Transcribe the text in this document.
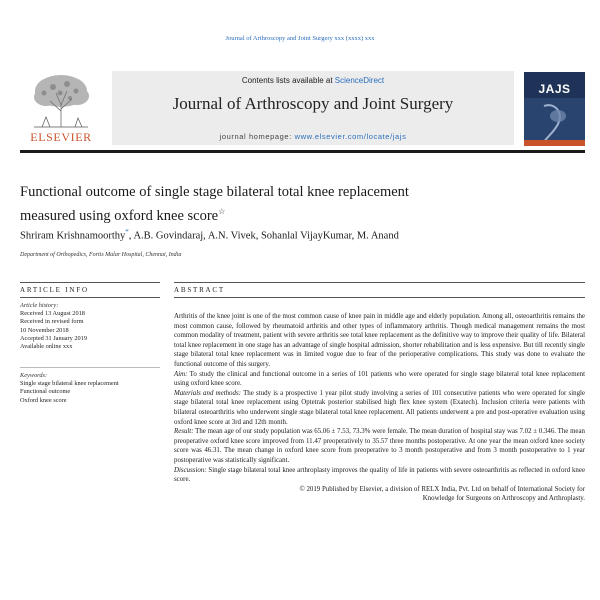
Journal of Arthroscopy and Joint Surgery xxx (xxxx) xxx
ELSEVIER
Contents lists available at ScienceDirect
Journal of Arthroscopy and Joint Surgery
journal homepage: www.elsevier.com/locate/jajs
JAJS
Functional outcome of single stage bilateral total knee replacement
measured using oxford knee score☆
Shriram Krishnamoorthy*, A.B. Govindaraj, A.N. Vivek, Sohanlal VijayKumar, M. Anand
Department of Orthopedics, Fortis Malar Hospital, Chennai, India
ARTICLE INFO
Article history:
Received 13 August 2018
Received in revised form
10 November 2018
Accepted 31 January 2019
Available online xxx
Keywords:
Single stage bilateral knee replacement
Functional outcome
Oxford knee score
ABSTRACT

Arthritis of the knee joint is one of the most common cause of knee pain in middle age and elderly population. Among all, osteoarthritis remains the most common cause, followed by rheumatoid arthritis and other types of inflammatory arthritis. Though medical management remains the most common modality of treatment, patient with severe arthritis see total knee replacement as the definitive way to improve their quality of life. Bilateral total knee replacement in one stage has an advantage of single hospital admission, shorter rehabilitation and is less expensive. But till recently single stage bilateral total knee replacement was in limited vogue due to fear of the perioperative complications. This study was done to evaluate the functional outcome of this surgery.

Aim: To study the clinical and functional outcome in a series of 101 patients who were operated for single stage bilateral total knee replacement using oxford knee score.

Materials and methods: The study is a prospective 1 year pilot study involving a series of 101 consecutive patients who were operated for single stage bilateral total knee replacement using Optetrak posterior stabilised high flex knee system (Exatech). Inclusion criteria were patients with bilateral osteoarthritis who underwent single stage bilateral total knee replacement. All patients underwent a pre and post-operative evaluation using oxford knee score at 3rd and 12th month.

Result: The mean age of our study population was 65.06 ± 7.53, 73.3% were female. The mean duration of hospital stay was 7.02 ± 0.346. The mean preoperative oxford knee score improved from 11.47 preoperatively to 35.57 three months postoperative. At one year the mean oxford knee society score was 46.31. The mean change in oxford knee score from preoperative to 3 month postoperative and from 3 month postoperative to 1 year postoperative was statistically significant.

Discussion: Single stage bilateral total knee arthroplasty improves the quality of life in patients with severe osteoarthritis as reflected in oxford knee score.

© 2019 Published by Elsevier, a division of RELX India, Pvt. Ltd on behalf of International Society for

Knowledge for Surgeons on Arthroscopy and Arthroplasty.
